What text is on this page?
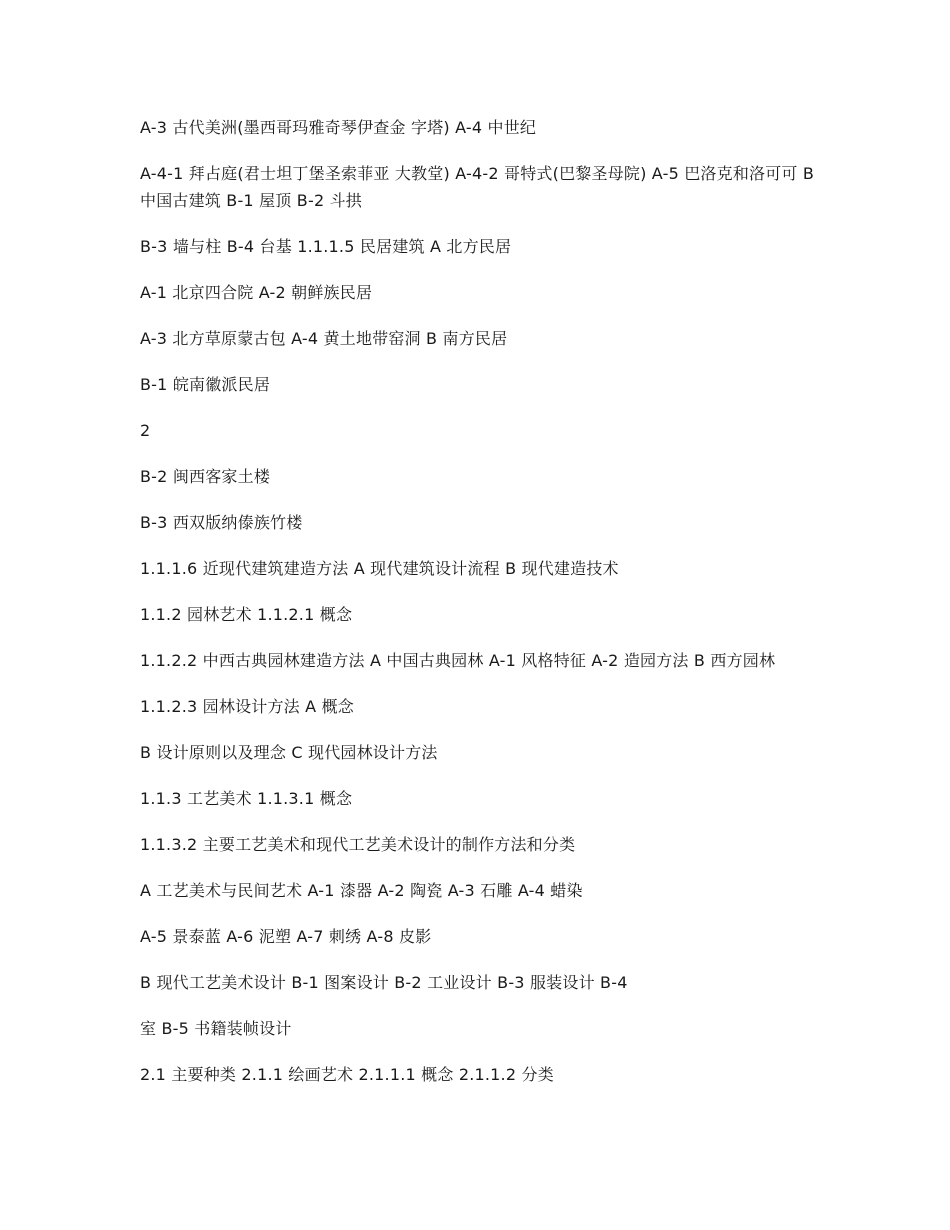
A-3 古代美洲(墨西哥玛雅奇琴伊查金 字塔) A-4 中世纪

A-4-1 拜占庭(君士坦丁堡圣索菲亚 大教堂) A-4-2 哥特式(巴黎圣母院) A-5 巴洛克和洛可可 B 中国古建筑 B-1 屋顶 B-2 斗拱

B-3 墙与柱 B-4 台基 1.1.1.5 民居建筑 A 北方民居

A-1 北京四合院 A-2 朝鲜族民居

A-3 北方草原蒙古包 A-4 黄土地带窑洞 B 南方民居

B-1 皖南徽派民居

2

B-2 闽西客家土楼

B-3 西双版纳傣族竹楼

1.1.1.6 近现代建筑建造方法 A 现代建筑设计流程 B 现代建造技术

1.1.2 园林艺术 1.1.2.1 概念

1.1.2.2 中西古典园林建造方法 A 中国古典园林 A-1 风格特征 A-2 造园方法 B 西方园林

1.1.2.3 园林设计方法 A 概念

B 设计原则以及理念 C 现代园林设计方法

1.1.3 工艺美术 1.1.3.1 概念

1.1.3.2 主要工艺美术和现代工艺美术设计的制作方法和分类

A 工艺美术与民间艺术 A-1 漆器 A-2 陶瓷 A-3 石雕 A-4 蜡染

A-5 景泰蓝 A-6 泥塑 A-7 刺绣 A-8 皮影

B 现代工艺美术设计 B-1 图案设计 B-2 工业设计 B-3 服装设计 B-4

室 B-5 书籍装帧设计

2.1 主要种类 2.1.1 绘画艺术 2.1.1.1 概念 2.1.1.2 分类
